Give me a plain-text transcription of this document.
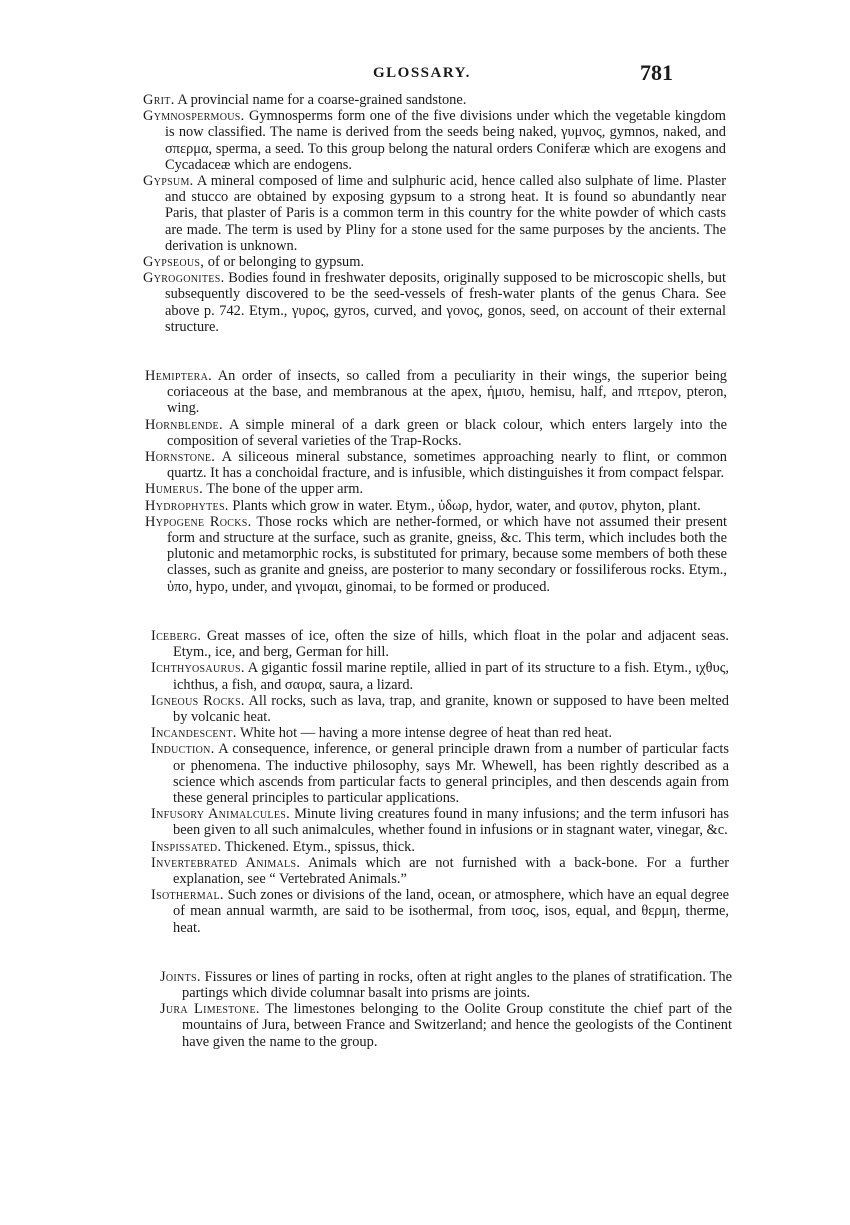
GLOSSARY.	781

Grit. A provincial name for a coarse-grained sandstone.

Gymnospermous. Gymnosperms form one of the five divisions under which the vegetable kingdom is now classified. The name is derived from the seeds being naked, γυμνος, gymnos, naked, and σπερμα, sperma, a seed. To this group belong the natural orders Coniferæ which are exogens and Cycadaceæ which are endogens.

Gypsum. A mineral composed of lime and sulphuric acid, hence called also sulphate of lime. Plaster and stucco are obtained by exposing gypsum to a strong heat. It is found so abundantly near Paris, that plaster of Paris is a common term in this country for the white powder of which casts are made. The term is used by Pliny for a stone used for the same purposes by the ancients. The derivation is unknown.

Gypseous, of or belonging to gypsum.

Gyrogonites. Bodies found in freshwater deposits, originally supposed to be microscopic shells, but subsequently discovered to be the seed-vessels of fresh-water plants of the genus Chara. See above p. 742. Etym., γυρος, gyros, curved, and γονος, gonos, seed, on account of their external structure.

Hemiptera. An order of insects, so called from a peculiarity in their wings, the superior being coriaceous at the base, and membranous at the apex, ἡμισυ, hemisu, half, and πτερον, pteron, wing.

Hornblende. A simple mineral of a dark green or black colour, which enters largely into the composition of several varieties of the Trap-Rocks.

Hornstone. A siliceous mineral substance, sometimes approaching nearly to flint, or common quartz. It has a conchoidal fracture, and is infusible, which distinguishes it from compact felspar.

Humerus. The bone of the upper arm.

Hydrophytes. Plants which grow in water. Etym., ὑδωρ, hydor, water, and φυτον, phyton, plant.

Hypogene Rocks. Those rocks which are nether-formed, or which have not assumed their present form and structure at the surface, such as granite, gneiss, &c. This term, which includes both the plutonic and metamorphic rocks, is substituted for primary, because some members of both these classes, such as granite and gneiss, are posterior to many secondary or fossiliferous rocks. Etym., ὑπο, hypo, under, and γινομαι, ginomai, to be formed or produced.

Iceberg. Great masses of ice, often the size of hills, which float in the polar and adjacent seas. Etym., ice, and berg, German for hill.

Ichthyosaurus. A gigantic fossil marine reptile, allied in part of its structure to a fish. Etym., ιχθυς, ichthus, a fish, and σαυρα, saura, a lizard.

Igneous Rocks. All rocks, such as lava, trap, and granite, known or supposed to have been melted by volcanic heat.

Incandescent. White hot — having a more intense degree of heat than red heat.

Induction. A consequence, inference, or general principle drawn from a number of particular facts or phenomena. The inductive philosophy, says Mr. Whewell, has been rightly described as a science which ascends from particular facts to general principles, and then descends again from these general principles to particular applications.

Infusory Animalcules. Minute living creatures found in many infusions; and the term infusori has been given to all such animalcules, whether found in infusions or in stagnant water, vinegar, &c.

Inspissated. Thickened. Etym., spissus, thick.

Invertebrated Animals. Animals which are not furnished with a back-bone. For a further explanation, see “ Vertebrated Animals.”

Isothermal. Such zones or divisions of the land, ocean, or atmosphere, which have an equal degree of mean annual warmth, are said to be isothermal, from ισος, isos, equal, and θερμη, therme, heat.

Joints. Fissures or lines of parting in rocks, often at right angles to the planes of stratification. The partings which divide columnar basalt into prisms are joints.

Jura Limestone. The limestones belonging to the Oolite Group constitute the chief part of the mountains of Jura, between France and Switzerland; and hence the geologists of the Continent have given the name to the group.
